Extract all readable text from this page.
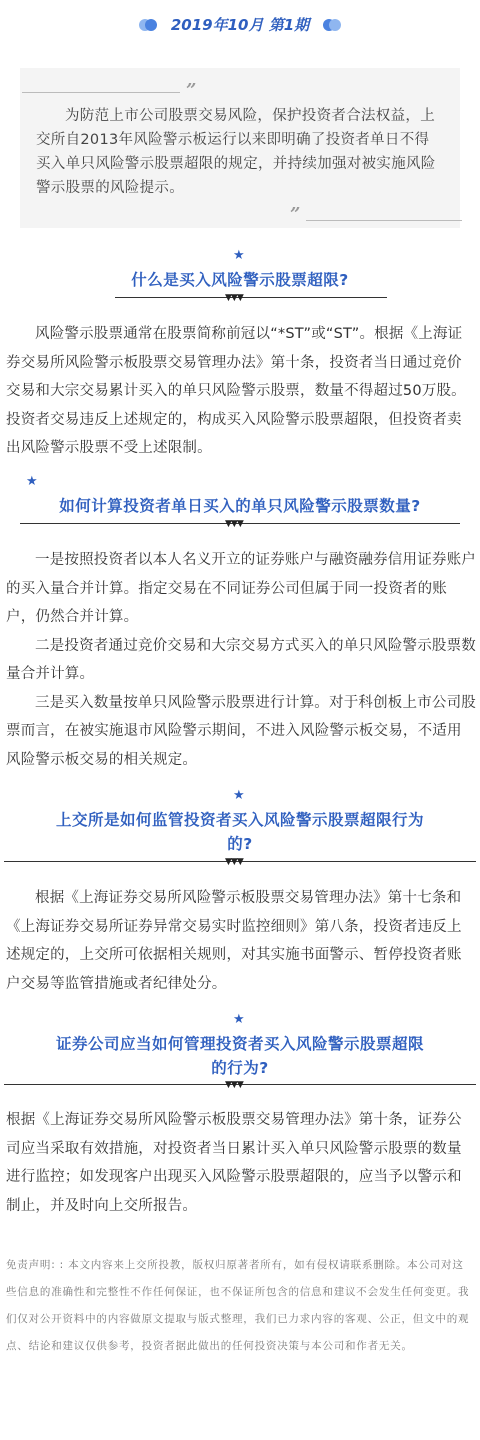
2019年10月 第1期
”
为防范上市公司股票交易风险，保护投资者合法权益，上交所自2013年风险警示板运行以来即明确了投资者单日不得买入单只风险警示股票超限的规定，并持续加强对被实施风险警示股票的风险提示。
”
★
什么是买入风险警示股票超限?
▼▼▼

风险警示股票通常在股票简称前冠以“*ST”或“ST”。根据《上海证券交易所风险警示板股票交易管理办法》第十条，投资者当日通过竞价交易和大宗交易累计买入的单只风险警示股票，数量不得超过50万股。投资者交易违反上述规定的，构成买入风险警示股票超限，但投资者卖出风险警示股票不受上述限制。

★
如何计算投资者单日买入的单只风险警示股票数量?
▼▼▼

一是按照投资者以本人名义开立的证券账户与融资融券信用证券账户的买入量合并计算。指定交易在不同证券公司但属于同一投资者的账户，仍然合并计算。

二是投资者通过竞价交易和大宗交易方式买入的单只风险警示股票数量合并计算。

三是买入数量按单只风险警示股票进行计算。对于科创板上市公司股票而言，在被实施退市风险警示期间，不进入风险警示板交易，不适用风险警示板交易的相关规定。

★
上交所是如何监管投资者买入风险警示股票超限行为
的?
▼▼▼

根据《上海证券交易所风险警示板股票交易管理办法》第十七条和《上海证券交易所证券异常交易实时监控细则》第八条，投资者违反上述规定的，上交所可依据相关规则，对其实施书面警示、暂停投资者账户交易等监管措施或者纪律处分。

★
证券公司应当如何管理投资者买入风险警示股票超限
的行为?
▼▼▼

根据《上海证券交易所风险警示板股票交易管理办法》第十条，证券公司应当采取有效措施，对投资者当日累计买入单只风险警示股票的数量进行监控；如发现客户出现买入风险警示股票超限的，应当予以警示和制止，并及时向上交所报告。

免责声明: : 本文内容来上交所投教，版权归原著者所有，如有侵权请联系删除。本公司对这些信息的准确性和完整性不作任何保证，也不保证所包含的信息和建议不会发生任何变更。我们仅对公开资料中的内容做原文提取与版式整理，我们已力求内容的客观、公正，但文中的观点、结论和建议仅供参考，投资者据此做出的任何投资决策与本公司和作者无关。
